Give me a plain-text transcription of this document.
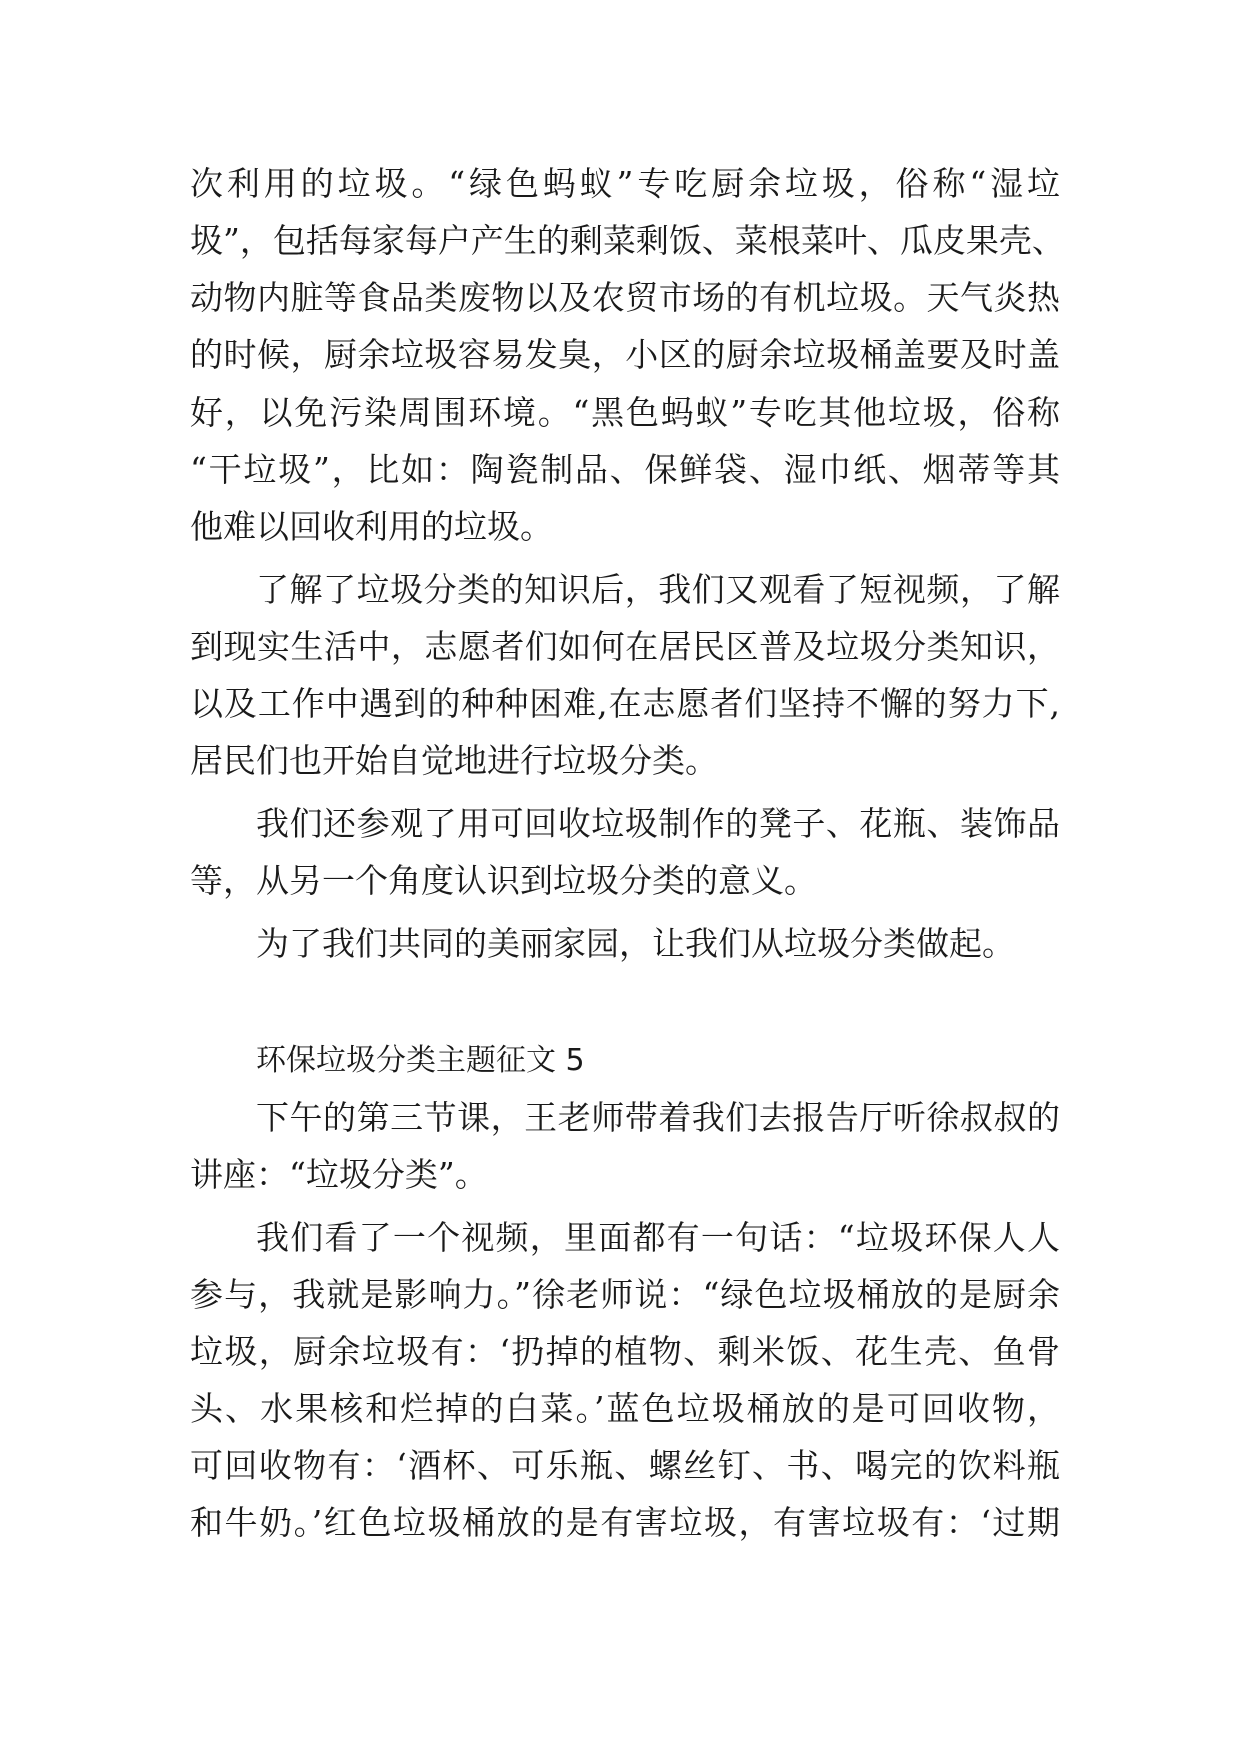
次利用的垃圾。“绿色蚂蚁”专吃厨余垃圾，俗称“湿垃
圾”，包括每家每户产生的剩菜剩饭、菜根菜叶、瓜皮果壳、
动物内脏等食品类废物以及农贸市场的有机垃圾。天气炎热
的时候，厨余垃圾容易发臭，小区的厨余垃圾桶盖要及时盖
好，以免污染周围环境。“黑色蚂蚁”专吃其他垃圾，俗称
“干垃圾”，比如：陶瓷制品、保鲜袋、湿巾纸、烟蒂等其
他难以回收利用的垃圾。
了解了垃圾分类的知识后，我们又观看了短视频，了解
到现实生活中，志愿者们如何在居民区普及垃圾分类知识，
以及工作中遇到的种种困难,在志愿者们坚持不懈的努力下,
居民们也开始自觉地进行垃圾分类。
我们还参观了用可回收垃圾制作的凳子、花瓶、装饰品
等，从另一个角度认识到垃圾分类的意义。
为了我们共同的美丽家园，让我们从垃圾分类做起。
环保垃圾分类主题征文 5
下午的第三节课，王老师带着我们去报告厅听徐叔叔的
讲座：“垃圾分类”。
我们看了一个视频，里面都有一句话：“垃圾环保人人
参与，我就是影响力。”徐老师说：“绿色垃圾桶放的是厨余
垃圾，厨余垃圾有：‘扔掉的植物、剩米饭、花生壳、鱼骨
头、水果核和烂掉的白菜。’蓝色垃圾桶放的是可回收物，
可回收物有：‘酒杯、可乐瓶、螺丝钉、书、喝完的饮料瓶
和牛奶。’红色垃圾桶放的是有害垃圾，有害垃圾有：‘过期
